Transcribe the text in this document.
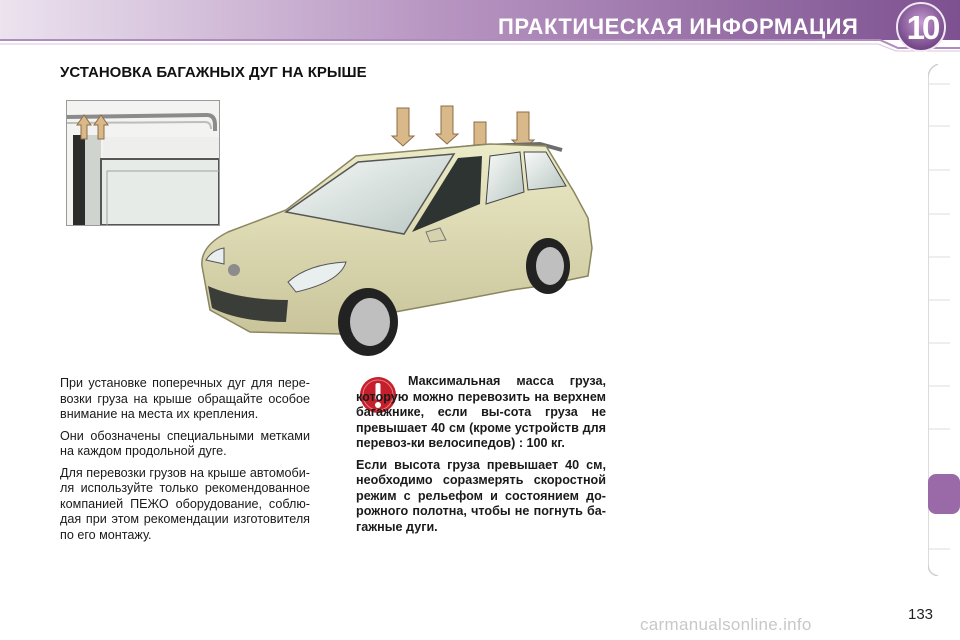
ПРАКТИЧЕСКАЯ ИНФОРМАЦИЯ 10
УСТАНОВКА БАГАЖНЫХ ДУГ НА КРЫШЕ

При установке поперечных дуг для пере-возки груза на крыше обращайте особое внимание на места их крепления.

Они обозначены специальными метками на каждом продольной дуге.

Для перевозки грузов на крыше автомоби-ля используйте только рекомендованное компанией ПЕЖО оборудование, соблю-дая при этом рекомендации изготовителя по его монтажу.

Максимальная масса груза, которую можно перевозить на верхнем багажнике, если вы-сота груза не превышает 40 см (кроме устройств для перевоз-ки велосипедов) : 100 кг.

Если высота груза превышает 40 см, необходимо соразмерять скоростной режим с рельефом и состоянием до-рожного полотна, чтобы не погнуть ба-гажные дуги.

carmanualsonline.info
133
